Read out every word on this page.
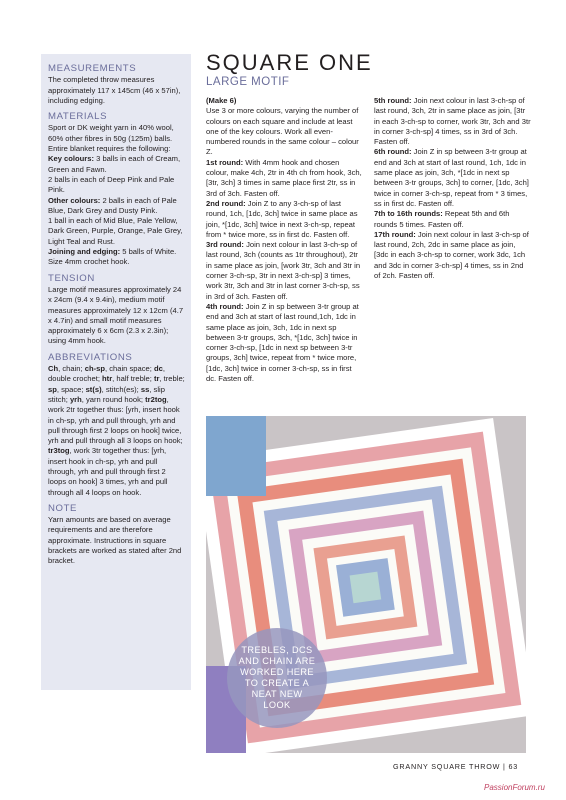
MEASUREMENTS

The completed throw measures approximately 117 x 145cm (46 x 57in), including edging.

MATERIALS

Sport or DK weight yarn in 40% wool, 60% other fibres in 50g (125m) balls. Entire blanket requires the following:

Key colours: 3 balls in each of Cream, Green and Fawn.

2 balls in each of Deep Pink and Pale Pink.

Other colours: 2 balls in each of Pale Blue, Dark Grey and Dusty Pink.

1 ball in each of Mid Blue, Pale Yellow, Dark Green, Purple, Orange, Pale Grey, Light Teal and Rust.

Joining and edging: 5 balls of White.

Size 4mm crochet hook.

TENSION

Large motif measures approximately 24 x 24cm (9.4 x 9.4in), medium motif measures approximately 12 x 12cm (4.7 x 4.7in) and small motif measures approximately 6 x 6cm (2.3 x 2.3in); using 4mm hook.

ABBREVIATIONS

Ch, chain; ch-sp, chain space; dc, double crochet; htr, half treble; tr, treble; sp, space; st(s), stitch(es); ss, slip stitch; yrh, yarn round hook; tr2tog, work 2tr together thus: [yrh, insert hook in ch-sp, yrh and pull through, yrh and pull through first 2 loops on hook] twice, yrh and pull through all 3 loops on hook; tr3tog, work 3tr together thus: [yrh, insert hook in ch-sp, yrh and pull through, yrh and pull through first 2 loops on hook] 3 times, yrh and pull through all 4 loops on hook.

NOTE

Yarn amounts are based on average requirements and are therefore approximate. Instructions in square brackets are worked as stated after 2nd bracket.

SQUARE ONE
LARGE MOTIF

(Make 6)

Use 3 or more colours, varying the number of colours on each square and include at least one of the key colours. Work all even-numbered rounds in the same colour – colour Z.

1st round: With 4mm hook and chosen colour, make 4ch, 2tr in 4th ch from hook, 3ch, [3tr, 3ch] 3 times in same place first 2tr, ss in 3rd of 3ch. Fasten off.

2nd round: Join Z to any 3-ch-sp of last round, 1ch, [1dc, 3ch] twice in same place as join, *[1dc, 3ch] twice in next 3-ch-sp, repeat from * twice more, ss in first dc. Fasten off.

3rd round: Join next colour in last 3-ch-sp of last round, 3ch (counts as 1tr throughout), 2tr in same place as join, [work 3tr, 3ch and 3tr in corner 3-ch-sp, 3tr in next 3-ch-sp] 3 times, work 3tr, 3ch and 3tr in last corner 3-ch-sp, ss in 3rd of 3ch. Fasten off.

4th round: Join Z in sp between 3-tr group at end and 3ch at start of last round,1ch, 1dc in same place as join, 3ch, 1dc in next sp between 3-tr groups, 3ch, *[1dc, 3ch] twice in corner 3-ch-sp, [1dc in next sp between 3-tr groups, 3ch] twice, repeat from * twice more, [1dc, 3ch] twice in corner 3-ch-sp, ss in first dc. Fasten off.

5th round: Join next colour in last 3-ch-sp of last round, 3ch, 2tr in same place as join, [3tr in each 3-ch-sp to corner, work 3tr, 3ch and 3tr in corner 3-ch-sp] 4 times, ss in 3rd of 3ch. Fasten off.

6th round: Join Z in sp between 3-tr group at end and 3ch at start of last round, 1ch, 1dc in same place as join, 3ch, *[1dc in next sp between 3-tr groups, 3ch] to corner, [1dc, 3ch] twice in corner 3-ch-sp, repeat from * 3 times, ss in first dc. Fasten off.

7th to 16th rounds: Repeat 5th and 6th rounds 5 times. Fasten off.

17th round: Join next colour in last 3-ch-sp of last round, 2ch, 2dc in same place as join, [3dc in each 3-ch-sp to corner, work 3dc, 1ch and 3dc in corner 3-ch-sp] 4 times, ss in 2nd of 2ch. Fasten off.

TREBLES, DCS AND CHAIN ARE WORKED HERE TO CREATE A NEAT NEW LOOK
GRANNY SQUARE THROW | 63
PassionForum.ru
